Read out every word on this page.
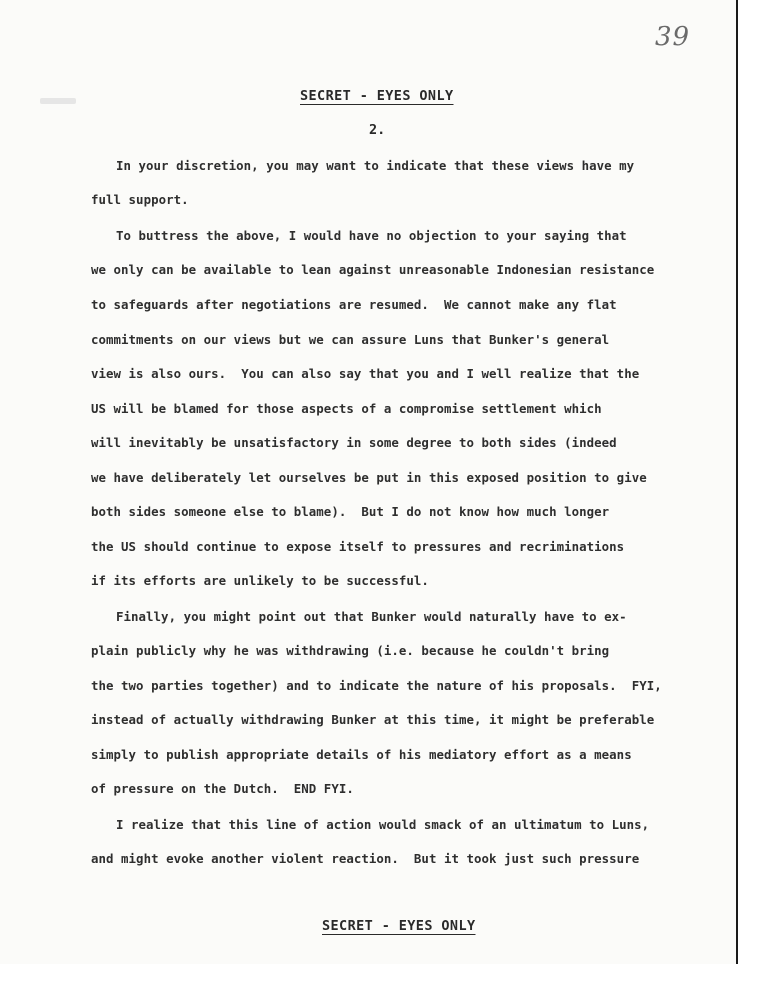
39
SECRET - EYES ONLY
2.
In your discretion, you may want to indicate that these views have my
full support.
To buttress the above, I would have no objection to your saying that
we only can be available to lean against unreasonable Indonesian resistance
to safeguards after negotiations are resumed.  We cannot make any flat
commitments on our views but we can assure Luns that Bunker's general
view is also ours.  You can also say that you and I well realize that the
US will be blamed for those aspects of a compromise settlement which
will inevitably be unsatisfactory in some degree to both sides (indeed
we have deliberately let ourselves be put in this exposed position to give
both sides someone else to blame).  But I do not know how much longer
the US should continue to expose itself to pressures and recriminations
if its efforts are unlikely to be successful.
Finally, you might point out that Bunker would naturally have to ex-
plain publicly why he was withdrawing (i.e. because he couldn't bring
the two parties together) and to indicate the nature of his proposals.  FYI,
instead of actually withdrawing Bunker at this time, it might be preferable
simply to publish appropriate details of his mediatory effort as a means
of pressure on the Dutch.  END FYI.
I realize that this line of action would smack of an ultimatum to Luns,
and might evoke another violent reaction.  But it took just such pressure
SECRET - EYES ONLY
